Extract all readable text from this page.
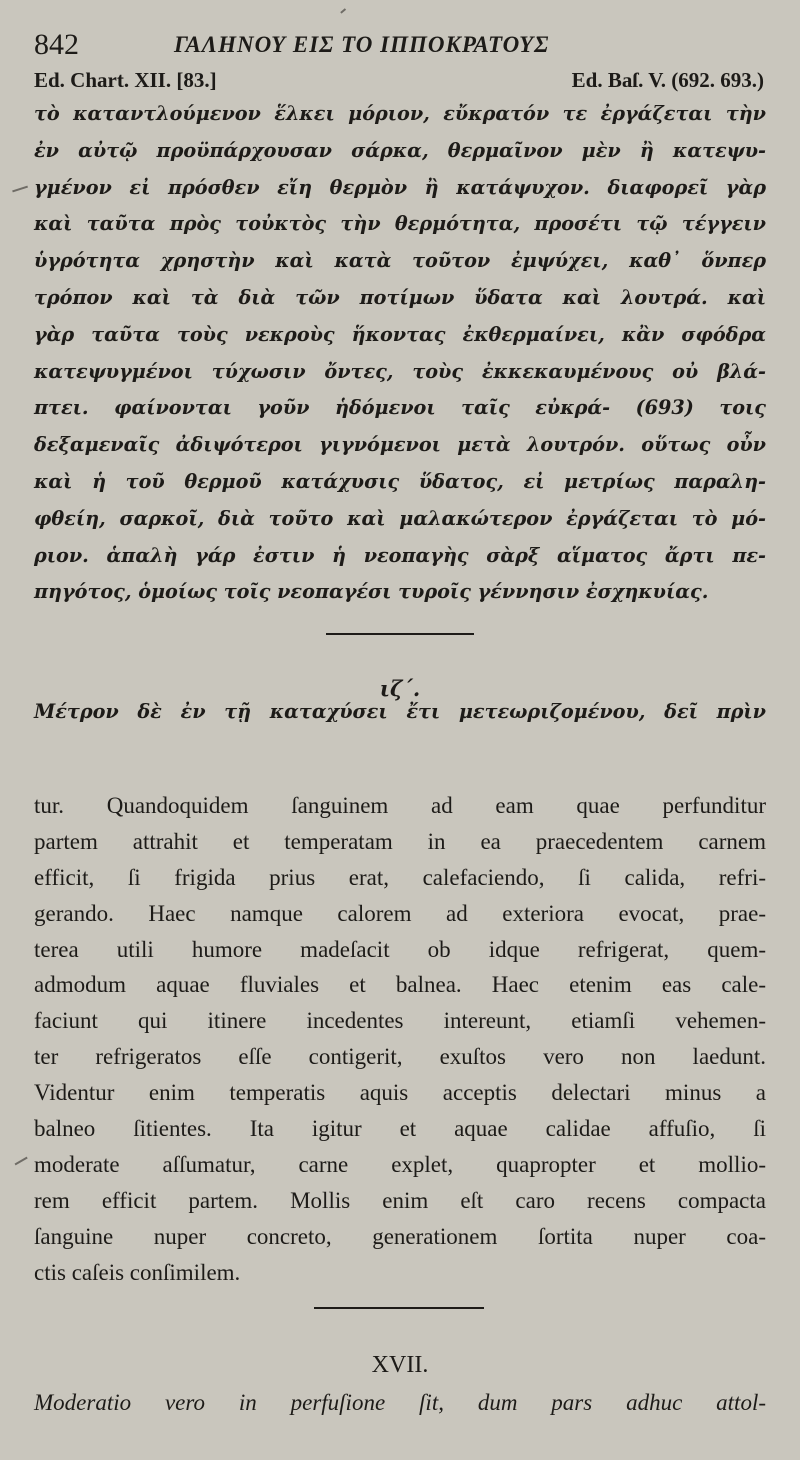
842	ΓΑΛΗΝΟΥ ΕΙΣ ΤΟ ΙΠΠΟΚΡΑΤΟΥΣ
Ed. Chart. XII. [83.]	Ed. Baſ. V. (692. 693.)
τὸ καταντλούμενον ἕλκει μόριον, εὔκρατόν τε ἐργάζεται τὴν
ἐν αὐτῷ προϋπάρχουσαν σάρκα, θερμαῖνον μὲν ἢ κατεψυ-
γμένον εἰ πρόσθεν εἴη θερμὸν ἢ κατάψυχον. διαφορεῖ γὰρ
καὶ ταῦτα πρὸς τοὐκτὸς τὴν θερμότητα, προσέτι τῷ τέγγειν
ὑγρότητα χρηστὴν καὶ κατὰ τοῦτον ἐμψύχει, καθ᾽ ὅνπερ
τρόπον καὶ τὰ διὰ τῶν ποτίμων ὕδατα καὶ λουτρά. καὶ
γὰρ ταῦτα τοὺς νεκροὺς ἥκοντας ἐκθερμαίνει, κἂν σφόδρα
κατεψυγμένοι τύχωσιν ὄντες, τοὺς ἐκκεκαυμένους οὐ βλά-
πτει. φαίνονται γοῦν ἡδόμενοι ταῖς εὐκρά- (693) τοις
δεξαμεναῖς ἀδιψότεροι γιγνόμενοι μετὰ λουτρόν. οὕτως οὖν
καὶ ἡ τοῦ θερμοῦ κατάχυσις ὕδατος, εἰ μετρίως παραλη-
φθείη, σαρκοῖ, διὰ τοῦτο καὶ μαλακώτερον ἐργάζεται τὸ μό-
ριον. ἁπαλὴ γάρ ἐστιν ἡ νεοπαγὴς σὰρξ αἵματος ἄρτι πε-
πηγότος, ὁμοίως τοῖς νεοπαγέσι τυροῖς γέννησιν ἐσχηκυίας.
ιζ΄.
Μέτρον δὲ ἐν τῇ καταχύσει ἔτι μετεωριζομένου, δεῖ πρὶν
tur. Quandoquidem ſanguinem ad eam quae perfunditur
partem attrahit et temperatam in ea praecedentem carnem
efficit, ſi frigida prius erat, calefaciendo, ſi calida, refri-
gerando. Haec namque calorem ad exteriora evocat, prae-
terea utili humore madeſacit ob idque refrigerat, quem-
admodum aquae fluviales et balnea. Haec etenim eas cale-
faciunt qui itinere incedentes intereunt, etiamſi vehemen-
ter refrigeratos eſſe contigerit, exuſtos vero non laedunt.
Videntur enim temperatis aquis acceptis delectari minus a
balneo ſitientes. Ita igitur et aquae calidae affuſio, ſi
moderate aſſumatur, carne explet, quapropter et mollio-
rem efficit partem. Mollis enim eſt caro recens compacta
ſanguine nuper concreto, generationem ſortita nuper coa-
ctis caſeis conſimilem.
XVII.
Moderatio vero in perfuſione ſit, dum pars adhuc attol-
